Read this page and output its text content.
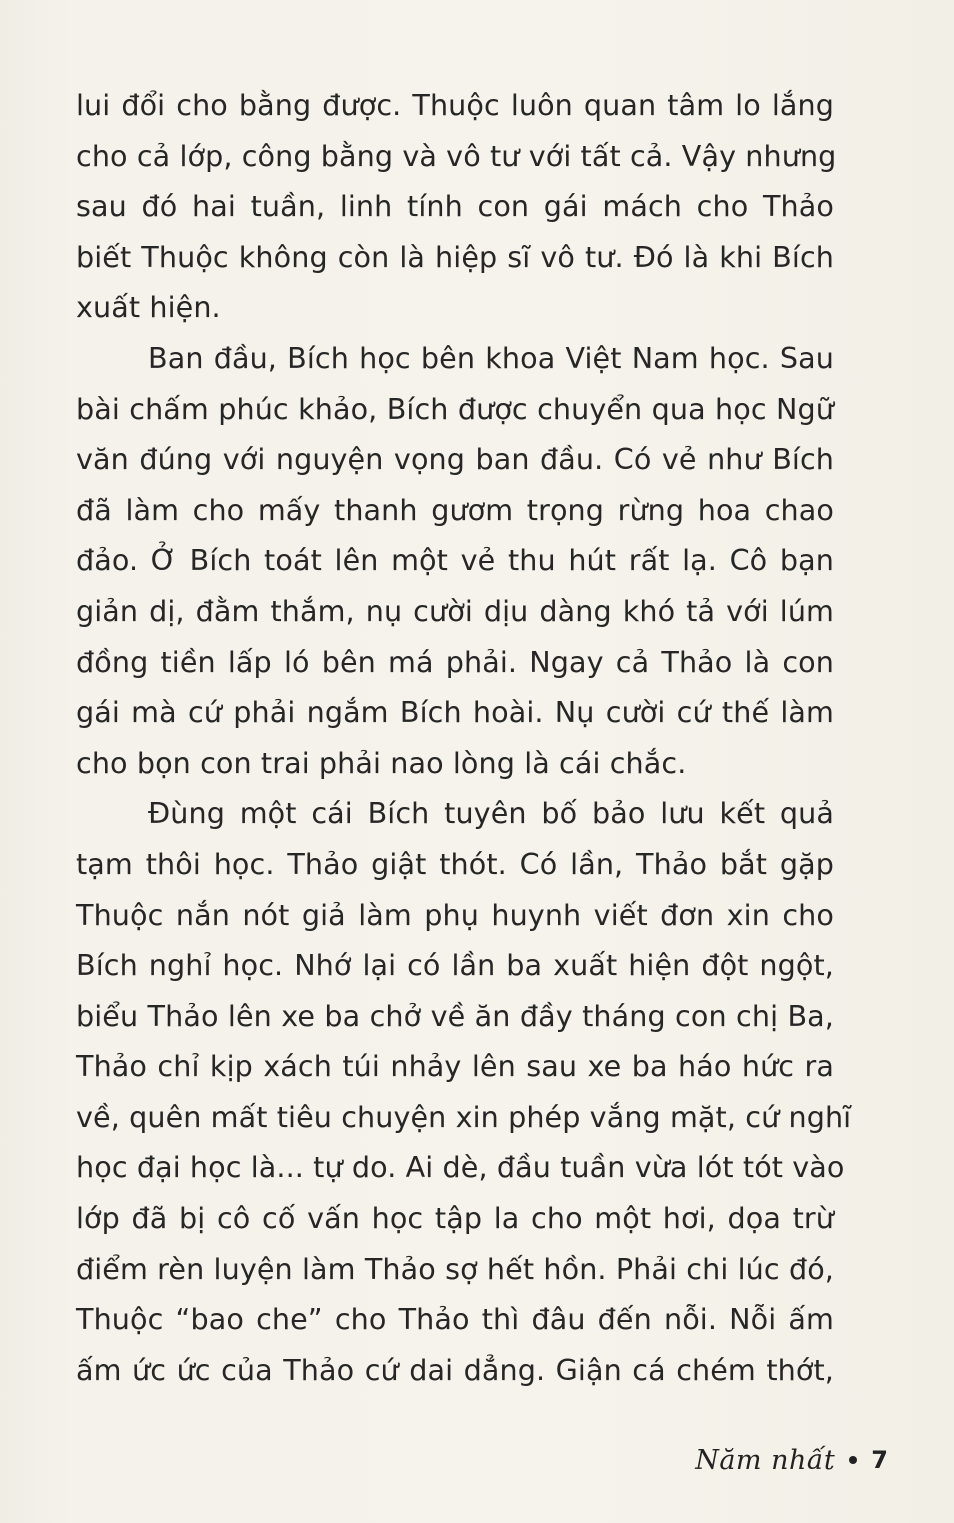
lui đổi cho bằng được. Thuộc luôn quan tâm lo lắng
cho cả lớp, công bằng và vô tư với tất cả. Vậy nhưng
sau đó hai tuần, linh tính con gái mách cho Thảo
biết Thuộc không còn là hiệp sĩ vô tư. Đó là khi Bích
xuất hiện.
Ban đầu, Bích học bên khoa Việt Nam học. Sau
bài chấm phúc khảo, Bích được chuyển qua học Ngữ
văn đúng với nguyện vọng ban đầu. Có vẻ như Bích
đã làm cho mấy thanh gươm trọng rừng hoa chao
đảo. Ở Bích toát lên một vẻ thu hút rất lạ. Cô bạn
giản dị, đằm thắm, nụ cười dịu dàng khó tả với lúm
đồng tiền lấp ló bên má phải. Ngay cả Thảo là con
gái mà cứ phải ngắm Bích hoài. Nụ cười cứ thế làm
cho bọn con trai phải nao lòng là cái chắc.
Đùng một cái Bích tuyên bố bảo lưu kết quả
tạm thôi học. Thảo giật thót. Có lần, Thảo bắt gặp
Thuộc nắn nót giả làm phụ huynh viết đơn xin cho
Bích nghỉ học. Nhớ lại có lần ba xuất hiện đột ngột,
biểu Thảo lên xe ba chở về ăn đầy tháng con chị Ba,
Thảo chỉ kịp xách túi nhảy lên sau xe ba háo hức ra
về, quên mất tiêu chuyện xin phép vắng mặt, cứ nghĩ
học đại học là... tự do. Ai dè, đầu tuần vừa lót tót vào
lớp đã bị cô cố vấn học tập la cho một hơi, dọa trừ
điểm rèn luyện làm Thảo sợ hết hồn. Phải chi lúc đó,
Thuộc “bao che” cho Thảo thì đâu đến nỗi. Nỗi ấm
ấm ức ức của Thảo cứ dai dẳng. Giận cá chém thớt,
Năm nhất 7
